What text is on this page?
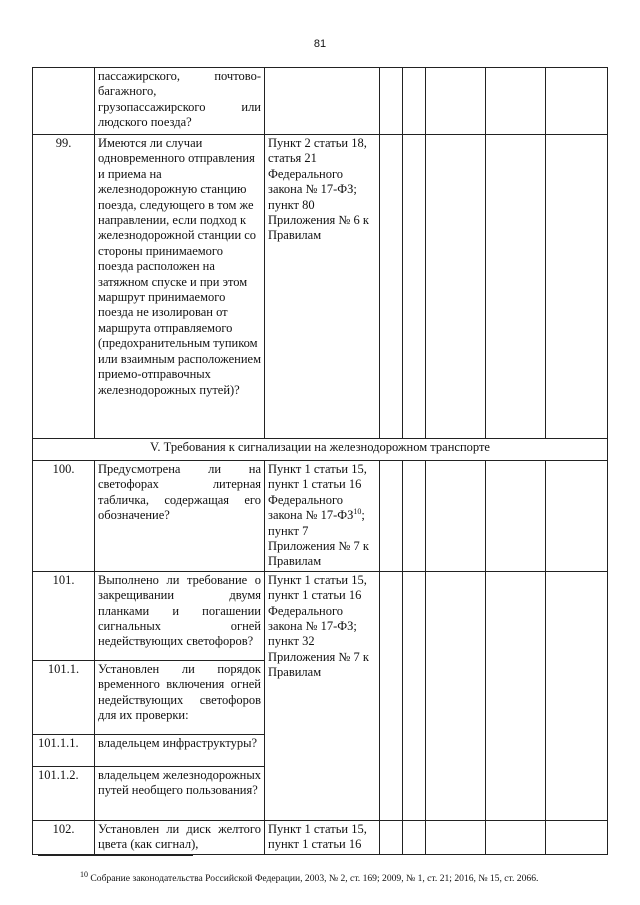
81
	пассажирского, почтово-багажного, грузопассажирского или людского поезда?						
99.	Имеются ли случаи одновременного отправления и приема на железнодорожную станцию поезда, следующего в том же направлении, если подход к железнодорожной станции со стороны принимаемого поезда расположен на затяжном спуске и при этом маршрут принимаемого поезда не изолирован от маршрута отправляемого (предохранительным тупиком или взаимным расположением приемо-отправочных железнодорожных путей)?	Пункт 2 статьи 18, статья 21 Федерального закона № 17-ФЗ; пункт 80 Приложения № 6 к Правилам					
V. Требования к сигнализации на железнодорожном транспорте							
100.	Предусмотрена ли на светофорах литерная табличка, содержащая его обозначение?	Пункт 1 статьи 15, пункт 1 статьи 16 Федерального закона № 17-ФЗ$^{10}$; пункт 7 Приложения № 7 к Правилам					
101.	Выполнено ли требование о закрещивании двумя планками и погашении сигнальных огней недействующих светофоров?	Пункт 1 статьи 15, пункт 1 статьи 16 Федерального закона № 17-ФЗ; пункт 32 Приложения № 7 к Правилам					
101.1.	Установлен ли порядок временного включения огней недействующих светофоров для их проверки:						
101.1.1.	владельцем инфраструктуры?						
101.1.2.	владельцем железнодорожных путей необщего пользования?						
102.	Установлен ли диск желтого цвета (как сигнал),	Пункт 1 статьи 15, пункт 1 статьи 16					
$^{10}$ Собрание законодательства Российской Федерации, 2003, № 2, ст. 169; 2009, № 1, ст. 21; 2016, № 15, ст. 2066.
